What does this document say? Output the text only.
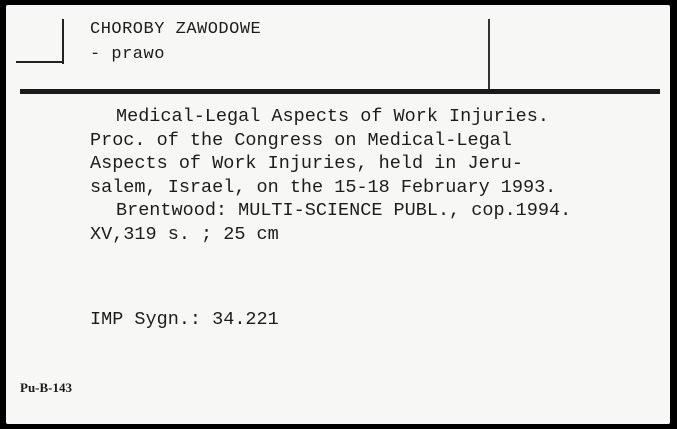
CHOROBY ZAWODOWE
- prawo
Medical-Legal Aspects of Work Injuries.
Proc. of the Congress on Medical-Legal
Aspects of Work Injuries, held in Jeru-
salem, Israel, on the 15-18 February 1993.
Brentwood: MULTI-SCIENCE PUBL., cop.1994.
XV,319 s. ; 25 cm
IMP Sygn.: 34.221
Pu-B-143
